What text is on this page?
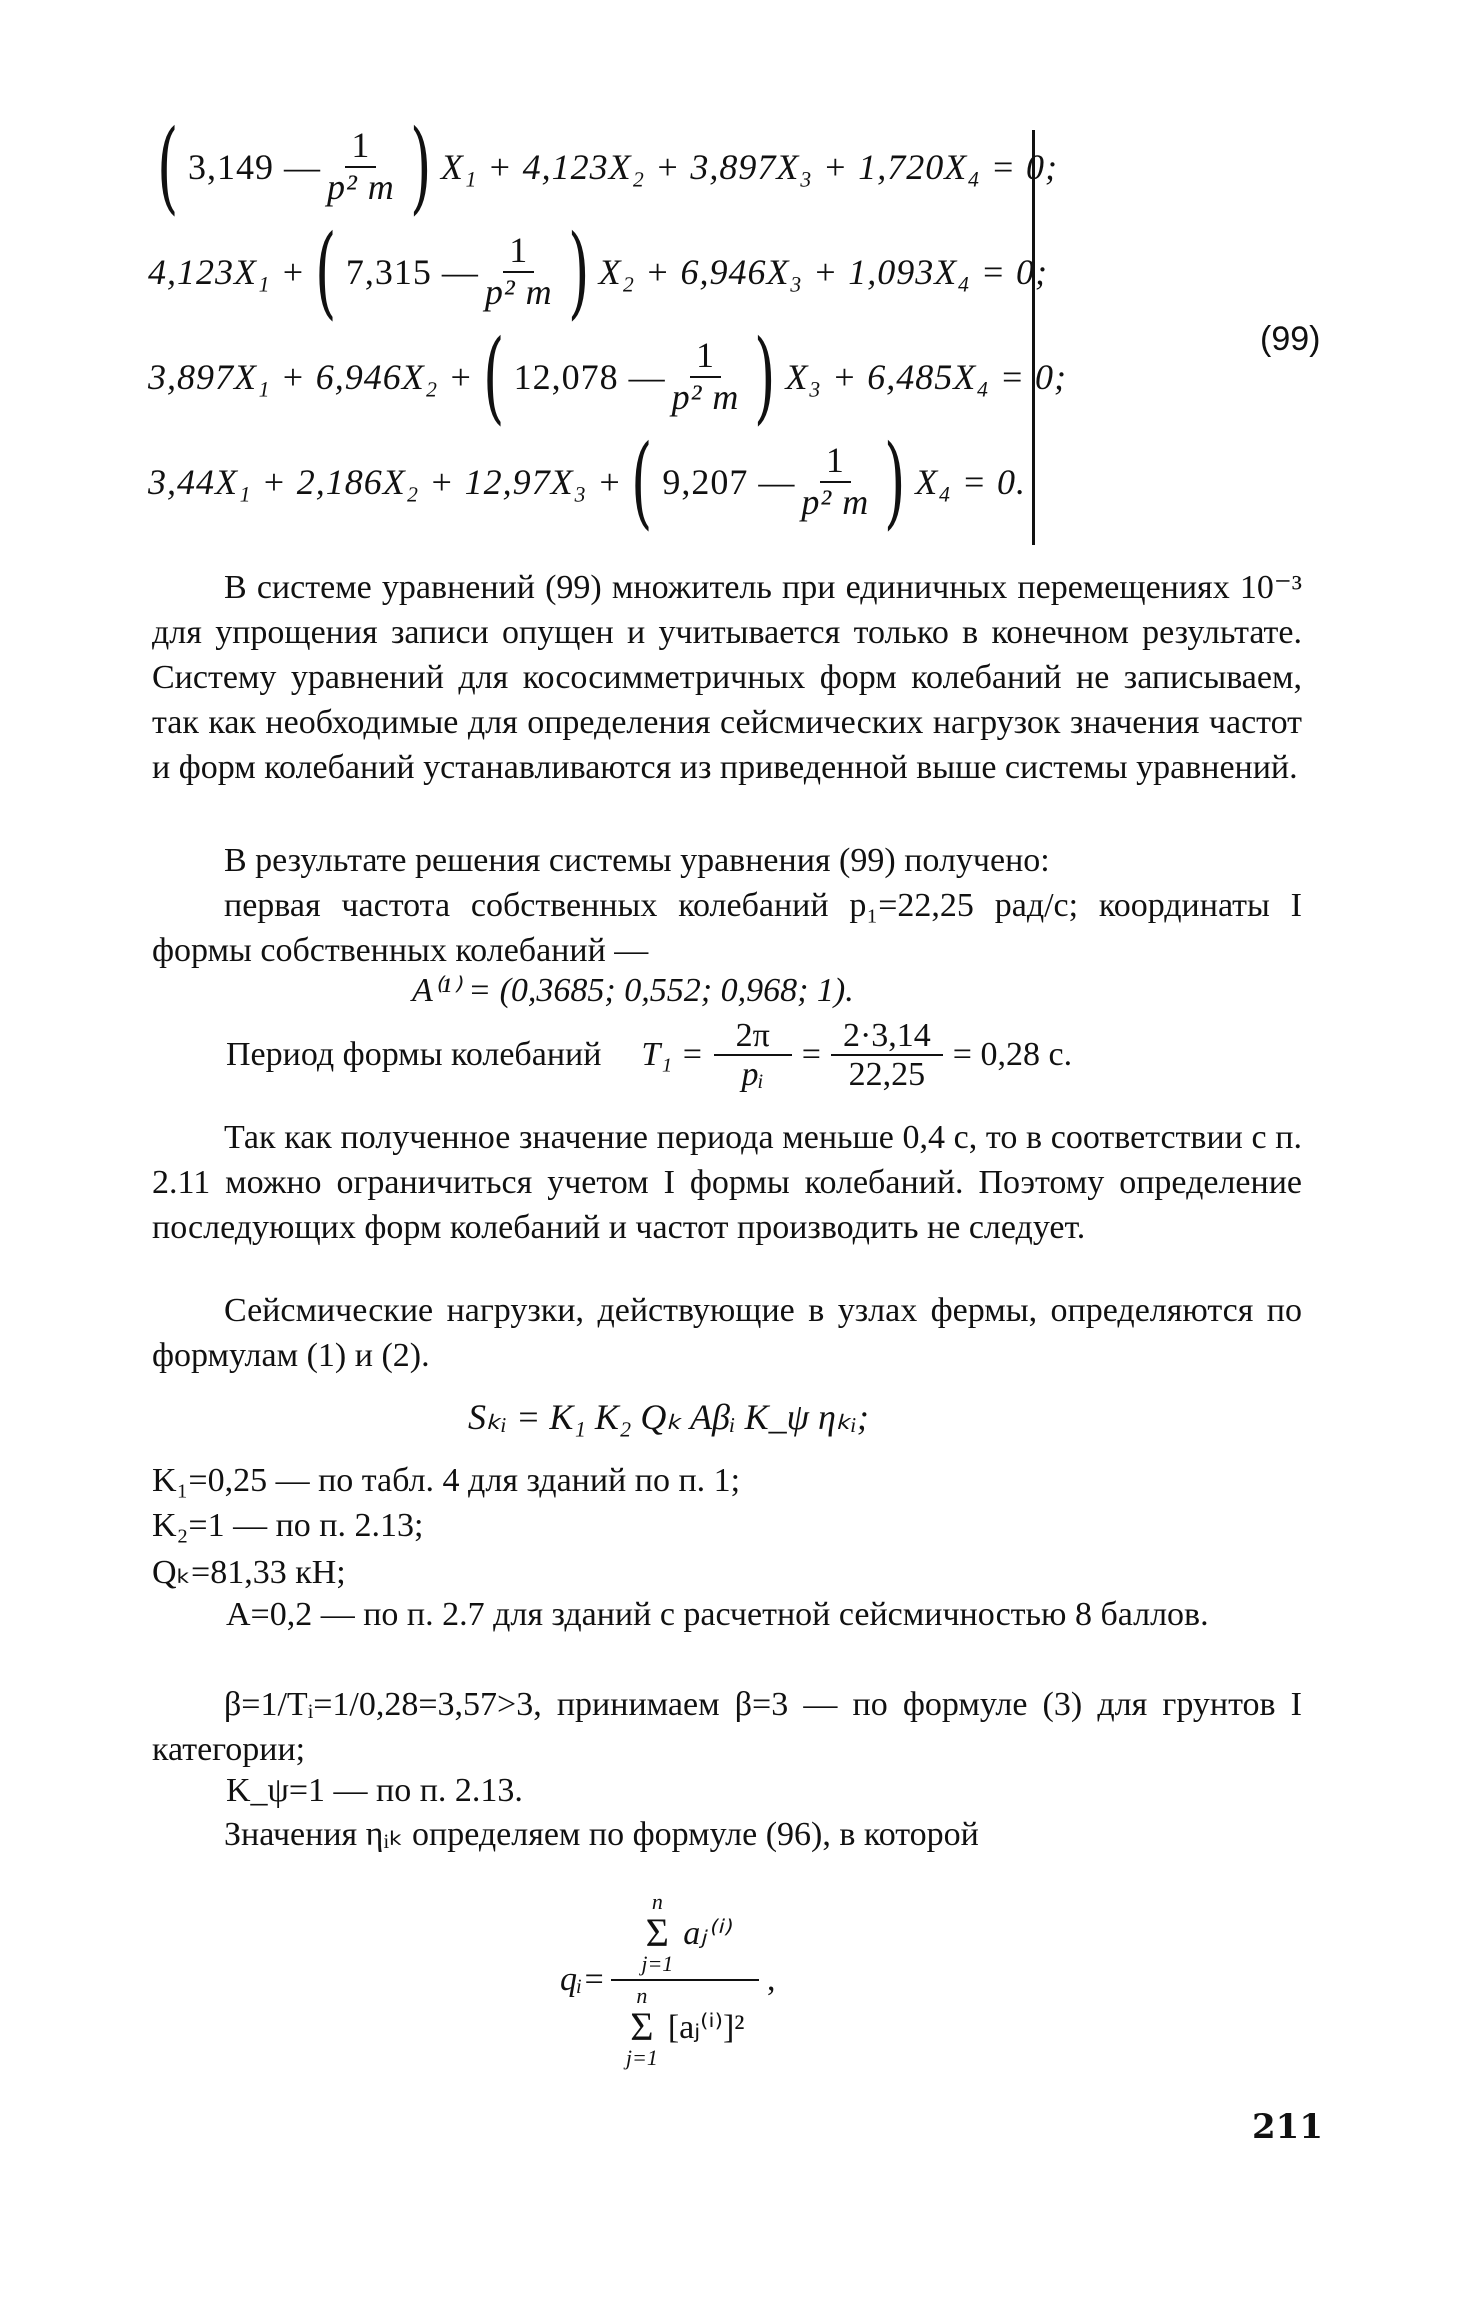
( 3,149 — $\frac{1}{\text{p² m}}$ ) X₁ + 4,123X₂ + 3,897X₃ + 1,720X₄ = 0;
4,123X₁ + ( 7,315 — $\frac{1}{\text{p² m}}$ ) X₂ + 6,946X₃ + 1,093X₄ = 0;
3,897X₁ + 6,946X₂ + ( 12,078 — $\frac{1}{\text{p² m}}$ ) X₃ + 6,485X₄ = 0;
3,44X₁ + 2,186X₂ + 12,97X₃ + ( 9,207 — $\frac{1}{\text{p² m}}$ ) X₄ = 0.
(99)

В системе уравнений (99) множитель при единичных перемещениях 10⁻³ для упрощения записи опущен и учитывается только в конечном результате. Систему уравнений для кососимметричных форм колебаний не записываем, так как необходимые для определения сейсмических нагрузок значения частот и форм колебаний устанавливаются из приведенной выше системы уравнений.

В результате решения системы уравнения (99) получено:

первая частота собственных колебаний p₁=22,25 рад/с; координаты I формы собственных колебаний —

A⁽¹⁾ = (0,3685; 0,552; 0,968; 1).
Период формы колебаний $T_1 = \frac{2\pi}{\text{pᵢ}} = \frac{2\cdot 3,14}{22,25} = 0,28$ с.

Так как полученное значение периода меньше 0,4 с, то в соответствии с п. 2.11 можно ограничиться учетом I формы колебаний. Поэтому определение последующих форм колебаний и частот производить не следует.

Сейсмические нагрузки, действующие в узлах фермы, определяются по формулам (1) и (2).

Sₖᵢ = K₁ K₂ Qₖ Aβᵢ K_ψ ηₖᵢ;
K₁=0,25 — по табл. 4 для зданий по п. 1;
K₂=1 — по п. 2.13;
Qₖ=81,33 кН;

A=0,2 — по п. 2.7 для зданий с расчетной сейсмичностью 8 баллов.

β=1/Tᵢ=1/0,28=3,57>3, принимаем β=3 — по формуле (3) для грунтов I категории;

K_ψ=1 — по п. 2.13.

Значения ηᵢₖ определяем по формуле (96), в которой

qᵢ= n
Σ
j=1
aⱼ⁽ⁱ⁾
n
Σ
j=1
[aⱼ⁽ⁱ⁾]² ,
211
